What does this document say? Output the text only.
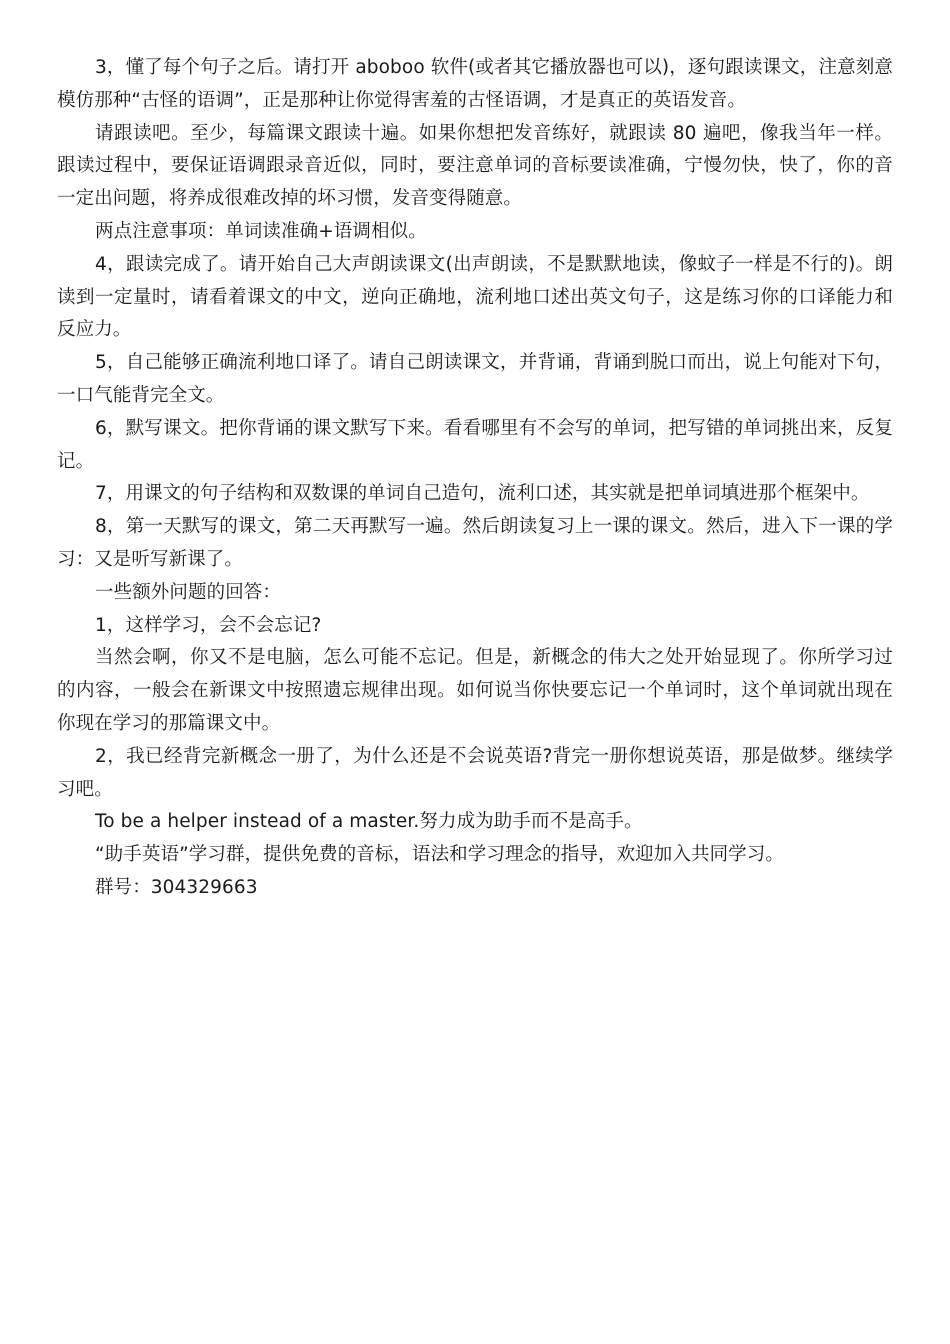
3，懂了每个句子之后。请打开 aboboo 软件(或者其它播放器也可以)，逐句跟读课文，注意刻意模仿那种“古怪的语调”，正是那种让你觉得害羞的古怪语调，才是真正的英语发音。

请跟读吧。至少，每篇课文跟读十遍。如果你想把发音练好，就跟读 80 遍吧，像我当年一样。跟读过程中，要保证语调跟录音近似，同时，要注意单词的音标要读准确，宁慢勿快，快了，你的音一定出问题，将养成很难改掉的坏习惯，发音变得随意。

两点注意事项：单词读准确+语调相似。

4，跟读完成了。请开始自己大声朗读课文(出声朗读，不是默默地读，像蚊子一样是不行的)。朗读到一定量时，请看着课文的中文，逆向正确地，流利地口述出英文句子，这是练习你的口译能力和反应力。

5，自己能够正确流利地口译了。请自己朗读课文，并背诵，背诵到脱口而出，说上句能对下句，一口气能背完全文。

6，默写课文。把你背诵的课文默写下来。看看哪里有不会写的单词，把写错的单词挑出来，反复记。

7，用课文的句子结构和双数课的单词自己造句，流利口述，其实就是把单词填进那个框架中。

8，第一天默写的课文，第二天再默写一遍。然后朗读复习上一课的课文。然后，进入下一课的学习：又是听写新课了。

一些额外问题的回答：

1，这样学习，会不会忘记?

当然会啊，你又不是电脑，怎么可能不忘记。但是，新概念的伟大之处开始显现了。你所学习过的内容，一般会在新课文中按照遗忘规律出现。如何说当你快要忘记一个单词时，这个单词就出现在你现在学习的那篇课文中。

2，我已经背完新概念一册了，为什么还是不会说英语?背完一册你想说英语，那是做梦。继续学习吧。

To be a helper instead of a master.努力成为助手而不是高手。

“助手英语”学习群，提供免费的音标，语法和学习理念的指导，欢迎加入共同学习。

群号：304329663
